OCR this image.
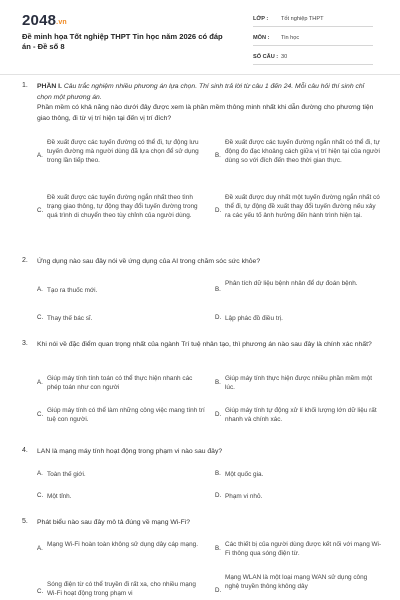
2048.vn
Đề minh họa Tốt nghiệp THPT Tin học năm 2026 có đáp án - Đề số 8
LỚP :	Tốt nghiệp THPT
MÔN :	Tin học
SỐ CÂU : 30
1. PHẦN I. Câu trắc nghiệm nhiều phương án lựa chọn. Thí sinh trả lời từ câu 1 đến 24. Mỗi câu hỏi thí sinh chỉ chọn một phương án.
Phần mềm có khả năng nào dưới đây được xem là phần mềm thông minh nhất khi dẫn đường cho phương tiện giao thông, đi từ vị trí hiện tại đến vị trí đích?
A.
Đề xuất được các tuyến đường có thể đi, tự động lưu tuyến đường mà người dùng đã lựa chọn để sử dụng trong lần tiếp theo.
B.
Đề xuất được các tuyến đường ngắn nhất có thể đi, tự động đo đạc khoảng cách giữa vị trí hiện tại của người dùng so với đích đến theo thời gian thực.
C.
Đề xuất được các tuyến đường ngắn nhất theo tình trạng giao thông, tự động thay đổi tuyến đường trong quá trình di chuyển theo tùy chỉnh của người dùng.
D.
Đề xuất được duy nhất một tuyến đường ngắn nhất có thể đi, tự động đề xuất thay đổi tuyến đường nếu xảy ra các yếu tố ảnh hưởng đến hành trình hiện tại.
2. Ứng dụng nào sau đây nói về ứng dụng của AI trong chăm sóc sức khỏe?
A. Tạo ra thuốc mới.	B.
Phân tích dữ liệu bệnh nhân để dự đoán bệnh.
C. Thay thế bác sĩ.	D. Lập phác đồ điều trị.
3. Khi nói về đặc điểm quan trọng nhất của ngành Trí tuệ nhân tạo, thì phương án nào sau đây là chính xác nhất?
A.
Giúp máy tính tính toán có thể thực hiện nhanh các phép toán như con người
B.
Giúp máy tính thực hiện được nhiều phần mềm một lúc.
C.
Giúp máy tính có thể làm những công việc mang tính trí tuệ con người.
D.
Giúp máy tính tự động xử lí khối lượng lớn dữ liệu rất nhanh và chính xác.
4. LAN là mạng máy tính hoạt động trong phạm vi nào sau đây?
A. Toàn thế giới.	B. Một quốc gia.
C. Một tỉnh.	D. Phạm vi nhỏ.
5. Phát biểu nào sau đây mô tả đúng về mạng Wi-Fi?
A.
Mạng Wi-Fi hoàn toàn không sử dụng dây cáp mạng.
B.
Các thiết bị của người dùng được kết nối với mạng Wi-Fi thông qua sóng điện từ.
C.
Sóng điện từ có thể truyền đi rất xa, cho nhiều mạng Wi-Fi hoạt động trong phạm vi	D.
Mạng WLAN là một loại mạng WAN sử dụng công nghệ truyền thông không dây
